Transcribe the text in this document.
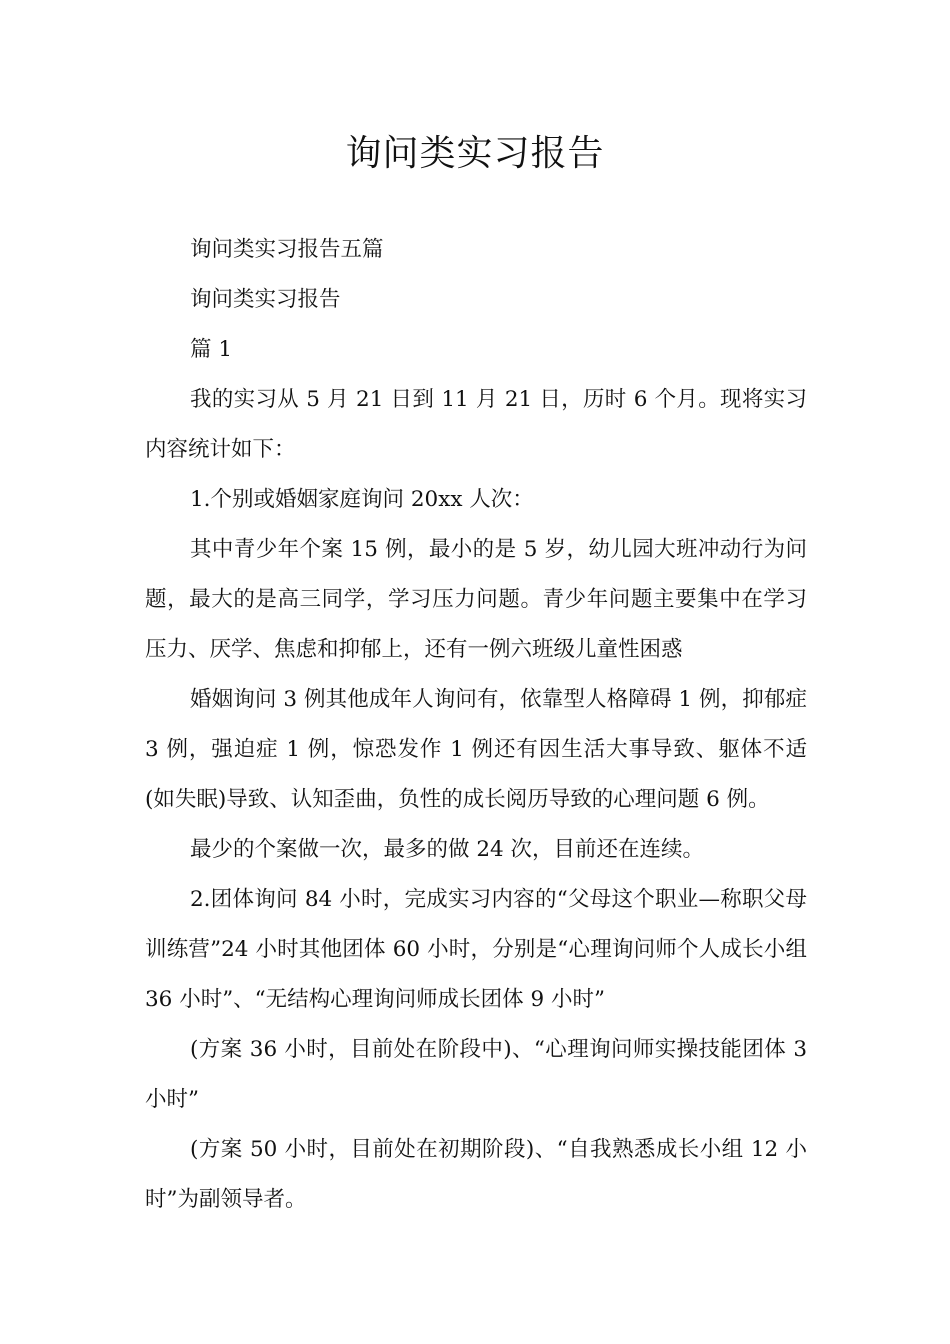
询问类实习报告

询问类实习报告五篇

询问类实习报告

篇 1

我的实习从 5 月 21 日到 11 月 21 日，历时 6 个月。现将实习内容统计如下：

1.个别或婚姻家庭询问 20xx 人次：

其中青少年个案 15 例，最小的是 5 岁，幼儿园大班冲动行为问题，最大的是高三同学，学习压力问题。青少年问题主要集中在学习压力、厌学、焦虑和抑郁上，还有一例六班级儿童性困惑

婚姻询问 3 例其他成年人询问有，依靠型人格障碍 1 例，抑郁症 3 例，强迫症 1 例，惊恐发作 1 例还有因生活大事导致、躯体不适(如失眠)导致、认知歪曲，负性的成长阅历导致的心理问题 6 例。

最少的个案做一次，最多的做 24 次，目前还在连续。

2.团体询问 84 小时，完成实习内容的“父母这个职业—称职父母训练营”24 小时其他团体 60 小时，分别是“心理询问师个人成长小组 36 小时”、“无结构心理询问师成长团体 9 小时”

(方案 36 小时，目前处在阶段中)、“心理询问师实操技能团体 3 小时”

(方案 50 小时，目前处在初期阶段)、“自我熟悉成长小组 12 小时”为副领导者。
